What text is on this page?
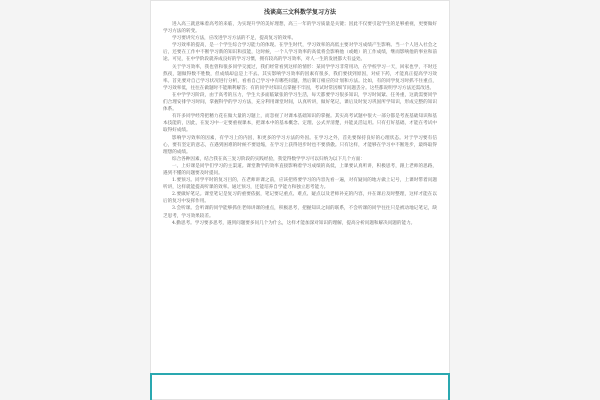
浅谈高三文科数学复习方法

进入高三就意味着高考的来临，为实现升学的美好理想，高三一年的学习质量是关键；因此不仅要引起学生的足够重视，更要做好学习方法的转变。

学习要讲究方法，应改进学习方法的不足，提高复习的效率。

学习效率的提高，是一个学生综合学习能力的体现。在学生时代，学习效率的高低主要对学习成绩产生影响。当一个人进入社会之后，还要在工作中不断学习新的知识和技能，这时候，一个人学习效率的高低将会影响他（或她）的工作成绩，继而影响他的事业和前途。可见，在中学阶段就养成良好的学习习惯，拥有较高的学习效率，对人一生的发展都大有益处。

关于学习效率，我也曾和很多同学交流过，我们经常看到这样的情形：某同学学习非常用功，在学校学习一天，回家也学，不时还熬夜，题做得数不胜数，但成绩却总是上不去。其实影响学习效率的因素有很多，我们要找到原因，对症下药，才能真正提高学习效率。首先要对自己学习状况进行分析，看看自己学习中有哪些问题，然后制订相应的计划和方法。比如，有的同学复习时抓不住重点，学习效率低，往往在做题时不能顺利解答；有的同学对知识点掌握不牢固，考试时常因细节问题丢分。这些都说明学习方法还需改进。

在中学学习阶段，由于高考的压力，学生大多面临紧张的学习生活，每天都要学习很多知识，学习时间紧、任务重，这就需要同学们合理安排学习时间，掌握科学的学习方法，充分利用课堂时间，认真听讲，做好笔记，课后及时复习巩固所学知识，形成完整的知识体系。

有许多同学经常把精力花在做大量的习题上，而忽视了对课本基础知识的掌握。其实高考试题中很大一部分都是考查基础知识和基本技能的，因此，在复习中一定要重视课本，把课本中的基本概念、定理、公式弄清楚，并能灵活运用。只有打好基础，才能在考试中取得好成绩。

影响学习效率的因素，有学习上的内因，和更多的学习方法的外因。在学习之外，首先要保持良好的心理状态。对于学习要有信心，要有坚定的意志，在遇到困难的时候不要退缩，在学习上获得进步时也不要骄傲。只有这样，才能够在学习中不断进步，最终取得理想的成绩。

综合各种因素，结合我在高三复习阶段的实践经验，我觉得数学学习可以归纳为以下几个方面：

一、上好课是同学们学习的主渠道。课堂教学的效率直接影响着学习成绩的高低，上课要认真听讲，积极思考，跟上老师的思路，遇到不懂的问题要及时提问。

1.要预习。同学平时的复习目的，在老师讲课之前，应该把将要学习的内容先看一遍，对有疑问的地方做上记号，上课时带着问题听讲，这样就能提高听课的效率。通过预习，还能培养自学能力和独立思考能力。

2.要做好笔记。课堂笔记是复习的重要依据，笔记要记重点、难点、疑点以及老师补充的内容，并在课后及时整理，这样才能在以后的复习中发挥作用。

3.会听课。会听课的同学能够抓住老师讲课的重点，积极思考，把握知识之间的联系，不会听课的同学往往只是被动地记笔记，缺乏思考，学习效果较差。

4.勤思考。学习要多思考，遇到问题要多问几个为什么，这样才能加深对知识的理解，提高分析问题和解决问题的能力。
